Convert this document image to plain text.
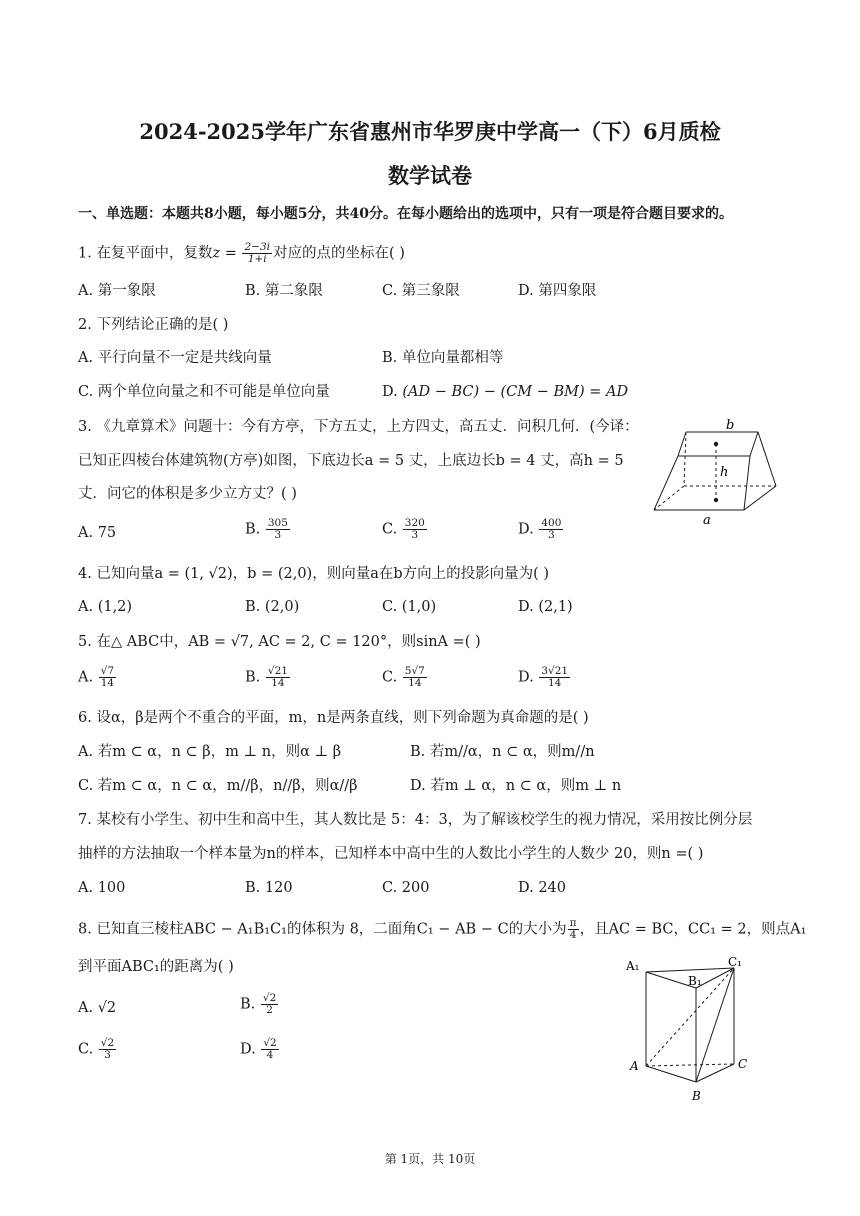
2024-2025学年广东省惠州市华罗庚中学高一（下）6月质检
数学试卷
一、单选题：本题共8小题，每小题5分，共40分。在每小题给出的选项中，只有一项是符合题目要求的。
1. 在复平面中，复数$z = \frac{2-3i}{1+i}$ 对应的点的坐标在( )
A. 第一象限	B. 第二象限	C. 第三象限	D. 第四象限
2. 下列结论正确的是( )
A. 平行向量不一定是共线向量	B. 单位向量都相等
C. 两个单位向量之和不可能是单位向量	D. (AD − BC) − (CM − BM) = AD
3. 《九章算术》问题十：今有方亭，下方五丈，上方四丈，高五丈．问积几何．(今译：
已知正四棱台体建筑物(方亭)如图，下底边长a = 5 丈，上底边长b = 4 丈，高h = 5
丈．问它的体积是多少立方丈？( )
A. 75	B. $\frac{305}{3}$	C. $\frac{320}{3}$	D. $\frac{400}{3}$
b
h
a
4. 已知向量a = (1, √2)，b = (2,0)，则向量a在b方向上的投影向量为( )
A. (1,2)	B. (2,0)	C. (1,0)	D. (2,1)
5. 在△ ABC中，AB = √7, AC = 2, C = 120°，则sinA =( )
A. $\frac{√7}{14}$	B. $\frac{√21}{14}$	C. $\frac{5√7}{14}$	D. $\frac{3√21}{14}$
6. 设α，β是两个不重合的平面，m，n是两条直线，则下列命题为真命题的是( )
A. 若m ⊂ α，n ⊂ β，m ⊥ n，则α ⊥ β	B. 若m//α，n ⊂ α，则m//n
C. 若m ⊂ α，n ⊂ α，m//β，n//β，则α//β	D. 若m ⊥ α，n ⊂ α，则m ⊥ n
7. 某校有小学生、初中生和高中生，其人数比是 5：4：3，为了解该校学生的视力情况，采用按比例分层
抽样的方法抽取一个样本量为n的样本，已知样本中高中生的人数比小学生的人数少 20，则n =( )
A. 100	B. 120	C. 200	D. 240
8. 已知直三棱柱ABC − A₁B₁C₁的体积为 8，二面角C₁ − AB − C的大小为 $\frac{\pi}{4}$ ，且AC = BC，CC₁ = 2，则点A₁
到平面ABC₁的距离为( )
A. √2	B. $\frac{√2}{2}$
C. $\frac{√2}{3}$	D. $\frac{√2}{4}$
A₁
B₁
C₁
A
B
C
第 1页，共 10页
